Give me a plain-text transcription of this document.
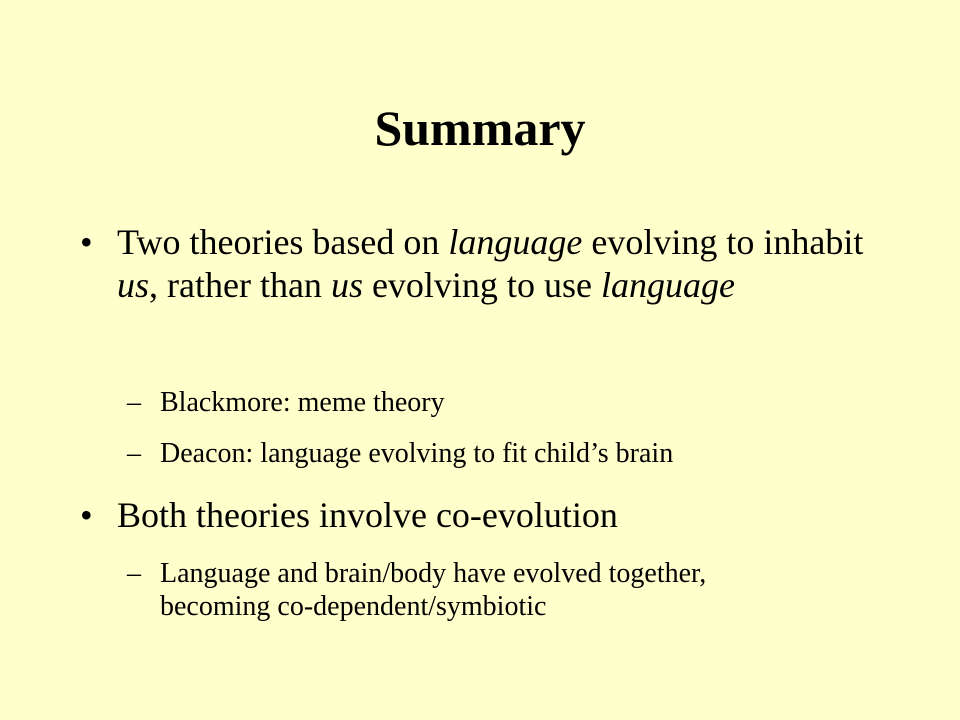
Summary
• Two theories based on language evolving to inhabit us, rather than us evolving to use language
– Blackmore: meme theory
– Deacon: language evolving to fit child’s brain
• Both theories involve co-evolution
– Language and brain/body have evolved together, becoming co-dependent/symbiotic
